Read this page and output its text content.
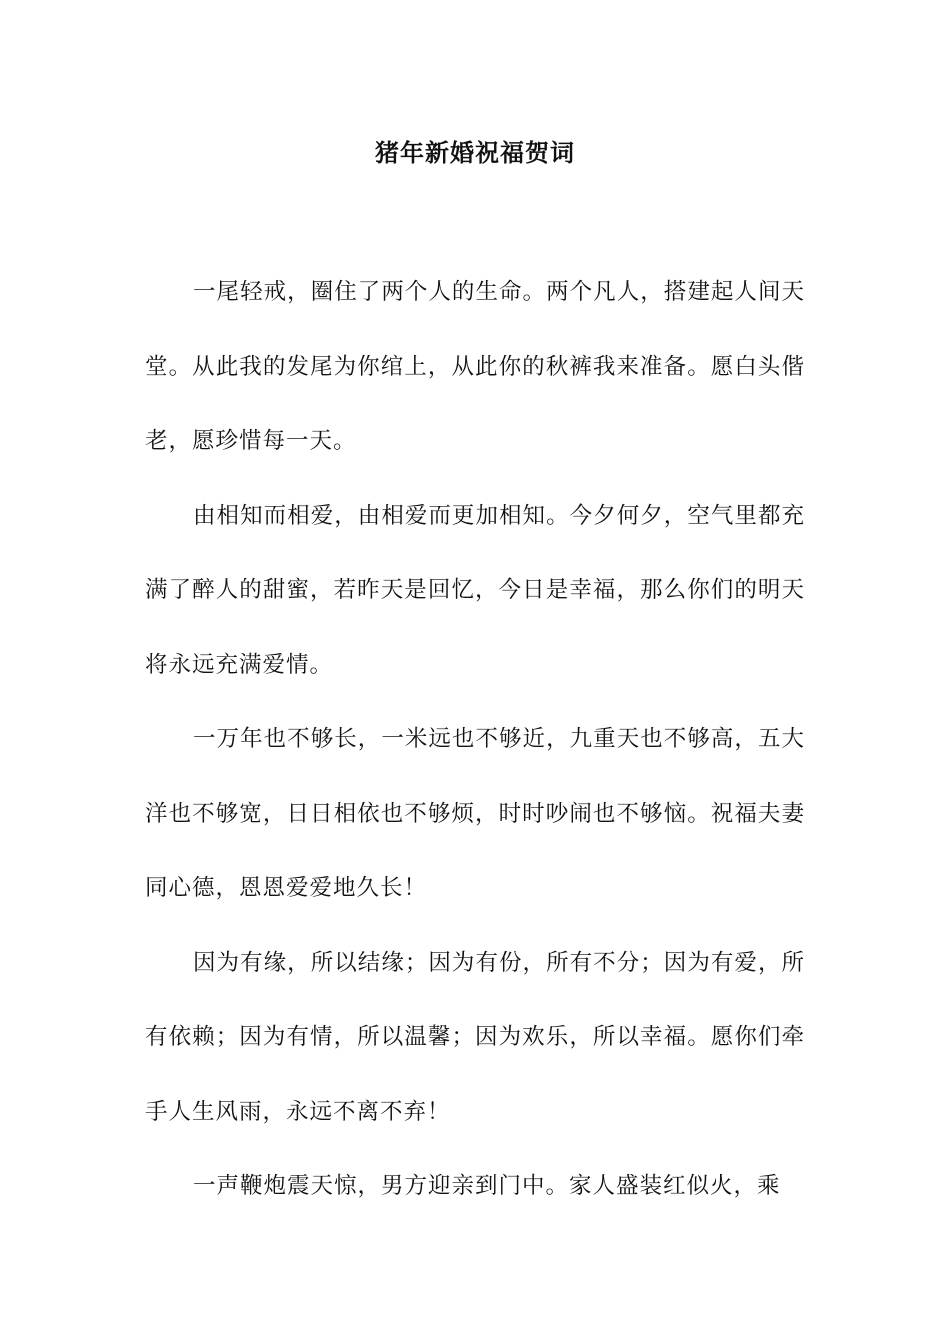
猪年新婚祝福贺词

一尾轻戒，圈住了两个人的生命。两个凡人，搭建起人间天堂。从此我的发尾为你绾上，从此你的秋裤我来准备。愿白头偕老，愿珍惜每一天。

由相知而相爱，由相爱而更加相知。今夕何夕，空气里都充满了醉人的甜蜜，若昨天是回忆，今日是幸福，那么你们的明天将永远充满爱情。

一万年也不够长，一米远也不够近，九重天也不够高，五大洋也不够宽，日日相依也不够烦，时时吵闹也不够恼。祝福夫妻同心德，恩恩爱爱地久长！

因为有缘，所以结缘；因为有份，所有不分；因为有爱，所有依赖；因为有情，所以温馨；因为欢乐，所以幸福。愿你们牵手人生风雨，永远不离不弃！

一声鞭炮震天惊，男方迎亲到门中。家人盛装红似火，乘
